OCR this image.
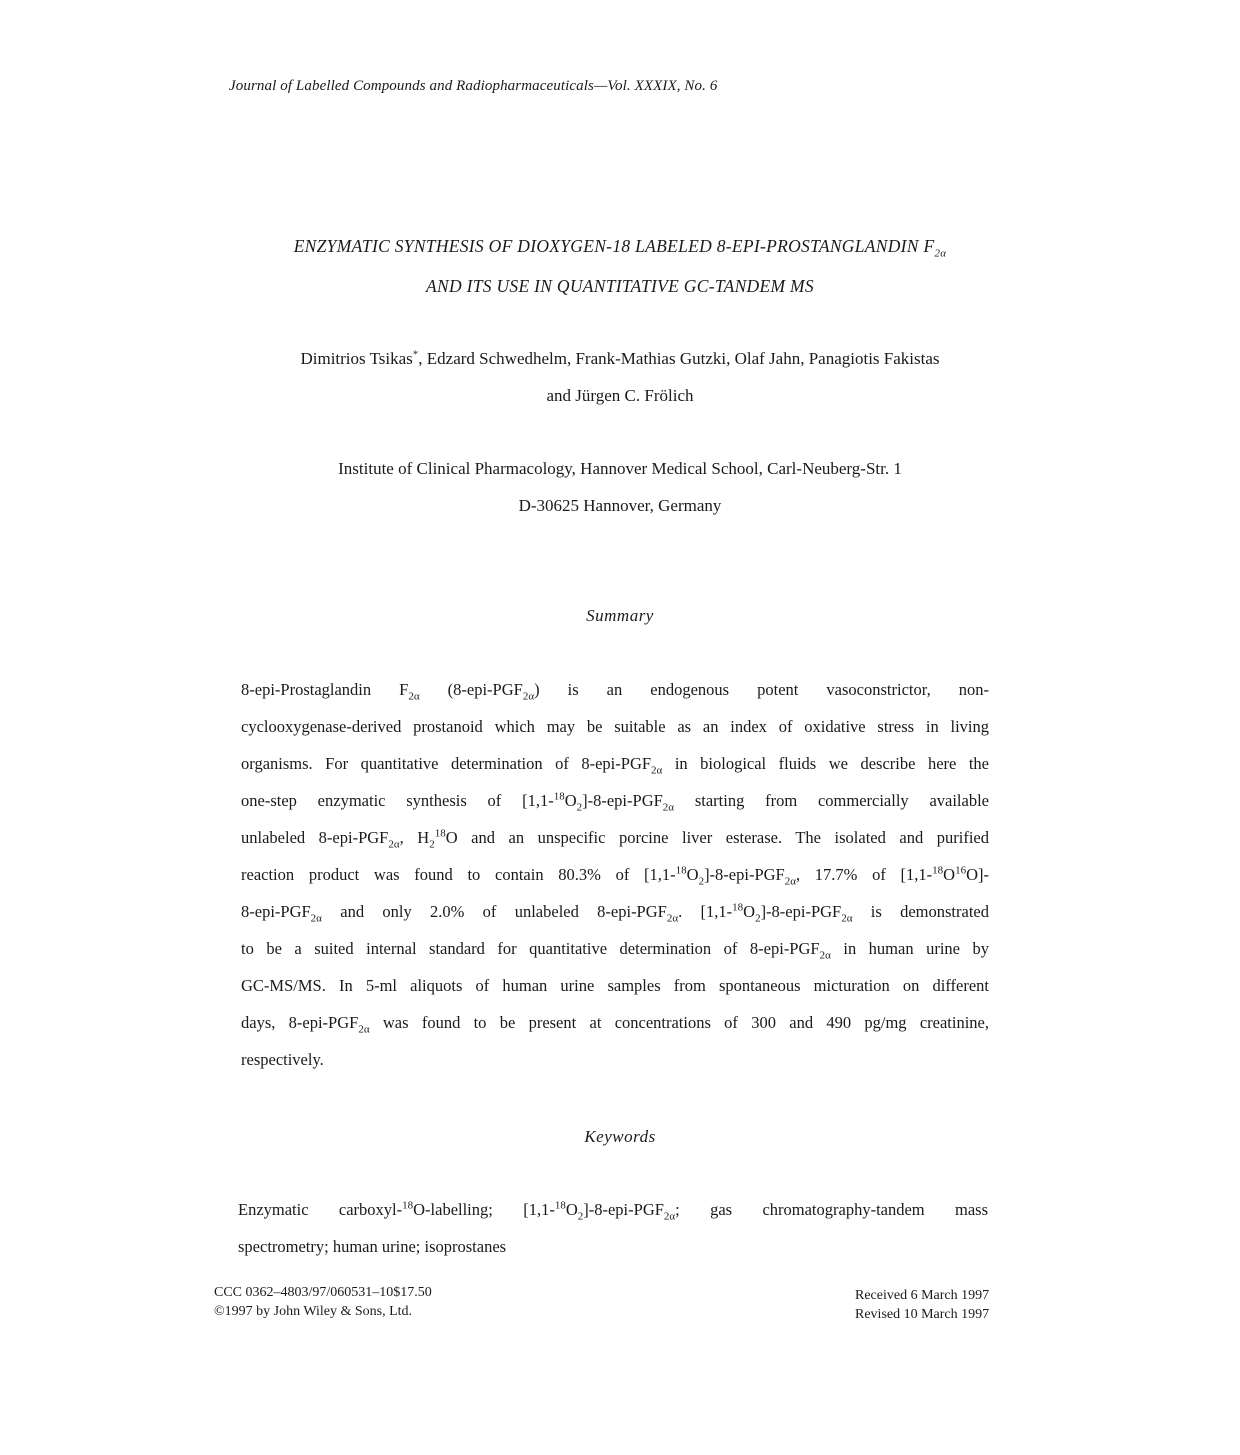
Journal of Labelled Compounds and Radiopharmaceuticals—Vol. XXXIX, No. 6
ENZYMATIC SYNTHESIS OF DIOXYGEN-18 LABELED 8-EPI-PROSTANGLANDIN $F_{2\alpha}$
AND ITS USE IN QUANTITATIVE GC-TANDEM MS
Dimitrios Tsikas*, Edzard Schwedhelm, Frank-Mathias Gutzki, Olaf Jahn, Panagiotis Fakistas
and Jürgen C. Frölich
Institute of Clinical Pharmacology, Hannover Medical School, Carl-Neuberg-Str. 1
D-30625 Hannover, Germany
Summary
8-epi-Prostaglandin $F_{2\alpha}$ $(8-epi-PGF_{2\alpha})$ is an endogenous potent vasoconstrictor, non-
cyclooxygenase-derived prostanoid which may be suitable as an index of oxidative stress in living
organisms. For quantitative determination of $8-epi-PGF_{2\alpha}$ in biological fluids we describe here the
one-step enzymatic synthesis of $[1,1-^{18}O_2]-8-epi-PGF_{2\alpha}$ starting from commercially available
unlabeled $8-epi-PGF_{2\alpha}$, $H_2^{18}O$ and an unspecific porcine liver esterase. The isolated and purified
reaction product was found to contain 80.3% of $[1,1-^{18}O_2]-8-epi-PGF_{2\alpha}$, 17.7% of $[1,1-^{18}O^{16}O]-$
$8-epi-PGF_{2\alpha}$ and only 2.0% of unlabeled $8-epi-PGF_{2\alpha}$. $[1,1-^{18}O_2]-8-epi-PGF_{2\alpha}$ is demonstrated
to be a suited internal standard for quantitative determination of $8-epi-PGF_{2\alpha}$ in human urine by
GC-MS/MS. In 5-ml aliquots of human urine samples from spontaneous micturation on different
days, $8-epi-PGF_{2\alpha}$ was found to be present at concentrations of 300 and 490 pg/mg creatinine,
respectively.
Keywords
Enzymatic carboxyl-$^{18}$O-labelling; $[1,1-^{18}O_2]-8-epi-PGF_{2\alpha}$; gas chromatography-tandem mass
spectrometry; human urine; isoprostanes
CCC 0362–4803/97/060531–10$17.50
©1997 by John Wiley & Sons, Ltd.
Received 6 March 1997
Revised 10 March 1997
